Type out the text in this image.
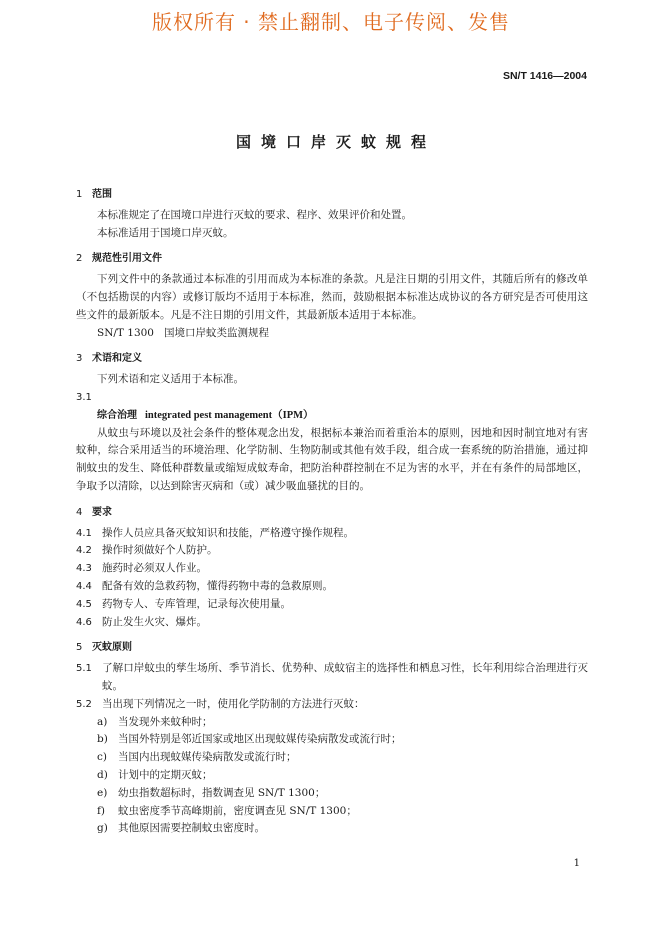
版权所有 · 禁止翻制、电子传阅、发售
SN/T 1416—2004
国境口岸灭蚊规程

1 范围

本标准规定了在国境口岸进行灭蚊的要求、程序、效果评价和处置。

本标准适用于国境口岸灭蚊。

2 规范性引用文件

下列文件中的条款通过本标准的引用而成为本标准的条款。凡是注日期的引用文件，其随后所有的修改单（不包括勘误的内容）或修订版均不适用于本标准，然而，鼓励根据本标准达成协议的各方研究是否可使用这些文件的最新版本。凡是不注日期的引用文件，其最新版本适用于本标准。

SN/T 1300 国境口岸蚊类监测规程

3 术语和定义

下列术语和定义适用于本标准。

3.1

综合治理 integrated pest management（IPM）

从蚊虫与环境以及社会条件的整体观念出发，根据标本兼治而着重治本的原则，因地和因时制宜地对有害蚊种，综合采用适当的环境治理、化学防制、生物防制或其他有效手段，组合成一套系统的防治措施，通过抑制蚊虫的发生、降低种群数量或缩短成蚊寿命，把防治种群控制在不足为害的水平，并在有条件的局部地区，争取予以清除，以达到除害灭病和（或）减少吸血骚扰的目的。

4 要求

4.1 操作人员应具备灭蚊知识和技能，严格遵守操作规程。

4.2 操作时须做好个人防护。

4.3 施药时必须双人作业。

4.4 配备有效的急救药物，懂得药物中毒的急救原则。

4.5 药物专人、专库管理，记录每次使用量。

4.6 防止发生火灾、爆炸。

5 灭蚊原则

5.1 了解口岸蚊虫的孳生场所、季节消长、优势种、成蚊宿主的选择性和栖息习性，长年利用综合治理进行灭蚊。

5.2 当出现下列情况之一时，使用化学防制的方法进行灭蚊：

a) 当发现外来蚊种时；

b) 当国外特别是邻近国家或地区出现蚊媒传染病散发或流行时；

c) 当国内出现蚊媒传染病散发或流行时；

d) 计划中的定期灭蚊；

e) 幼虫指数超标时，指数调查见 SN/T 1300；

f) 蚊虫密度季节高峰期前，密度调查见 SN/T 1300；

g) 其他原因需要控制蚊虫密度时。

1
